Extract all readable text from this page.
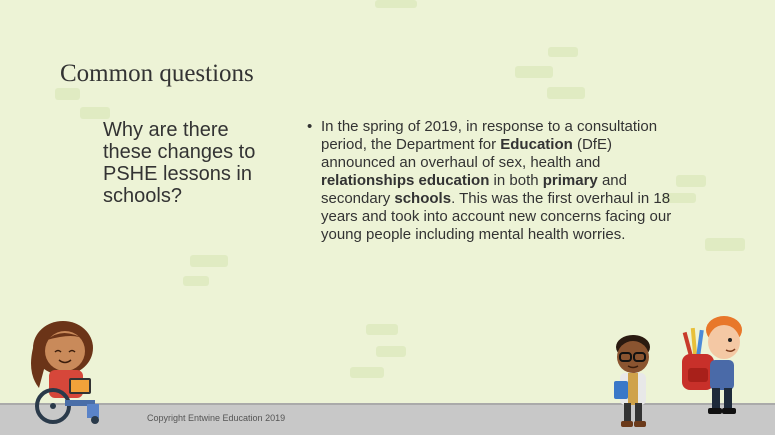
Common questions
Why are there these changes to PSHE lessons in schools?
• In the spring of 2019, in response to a consultation period, the Department for Education (DfE) announced an overhaul of sex, health and relationships education in both primary and secondary schools. This was the first overhaul in 18 years and took into account new concerns facing our young people including mental health worries.
Copyright Entwine Education 2019
